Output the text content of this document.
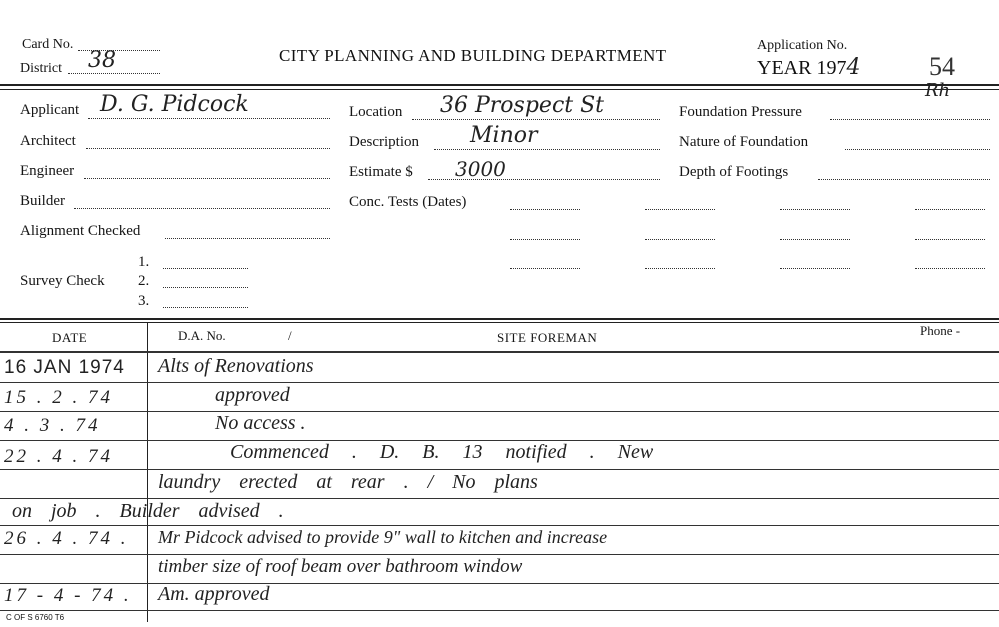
Card No.
District 38	CITY PLANNING AND BUILDING DEPARTMENT
Application No.
YEAR 1974	54
Applicant D. G. Pidcock
Architect
Engineer
Builder
Alignment Checked
Survey Check
1.
2.
3.
Location 36 Prospect St
Description Minor
Estimate $ 3000
Conc. Tests (Dates)
Foundation Pressure
Rh
Nature of Foundation
Depth of Footings
DATE	D.A. No.	/	SITE FOREMAN	Phone -
16 JAN 1974 Alts of Renovations
15 . 2 . 74	approved
4 . 3 . 74	No access .
22 . 4 . 74	Commenced . D. B. 13 notified . New
laundry erected at rear . / No plans
on job . Builder advised .
26 . 4 . 74 . Mr Pidcock advised to provide 9" wall to kitchen and increase
timber size of roof beam over bathroom window
17 - 4 - 74 . Am. approved
C OF S 6760 T6
